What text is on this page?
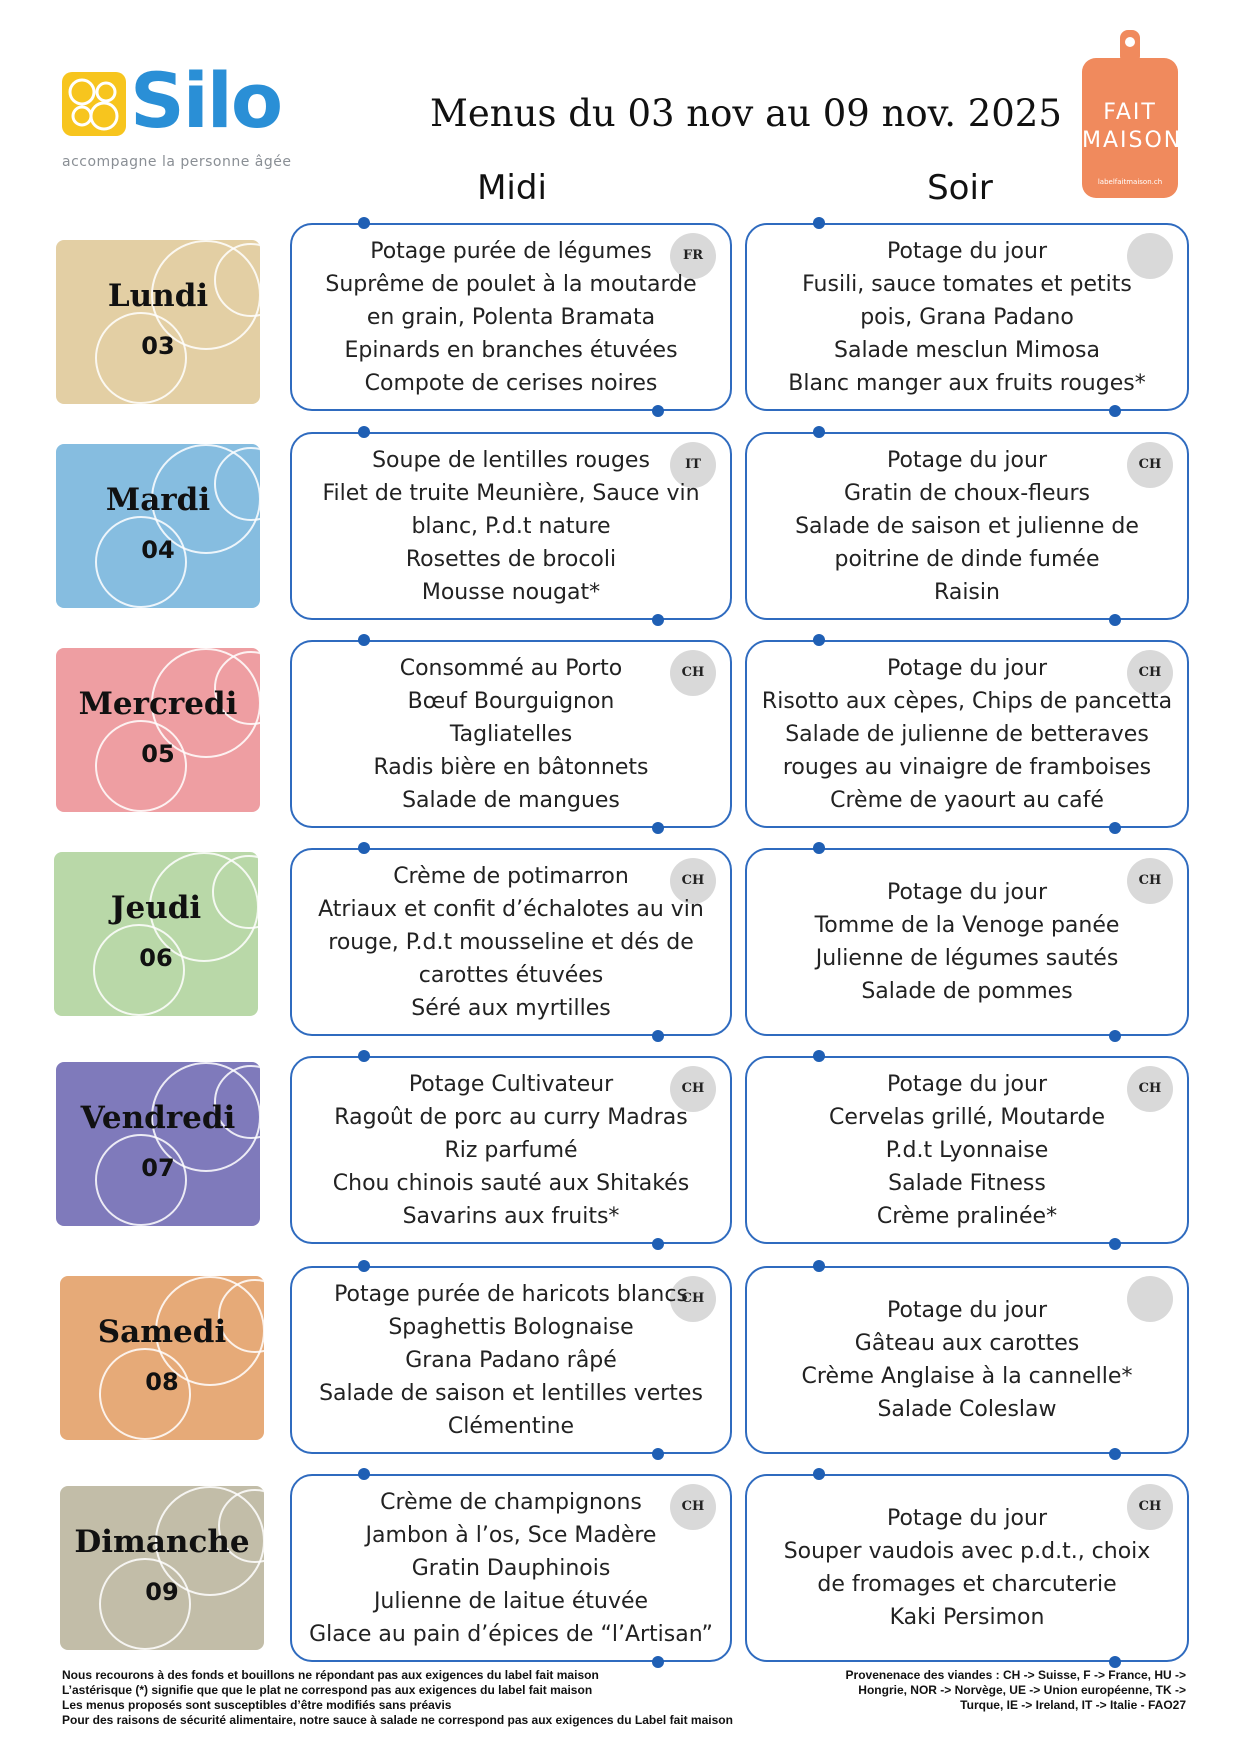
Silo
accompagne la personne âgée
Menus du 03 nov au 09 nov. 2025	FAIT
MAISON
labelfaitmaison.ch
Midi	Soir
Lundi
03
FR
Potage purée de légumes
Suprême de poulet à la moutarde
en grain, Polenta Bramata
Epinards en branches étuvées
Compote de cerises noires
Potage du jour
Fusili, sauce tomates et petits
pois, Grana Padano
Salade mesclun Mimosa
Blanc manger aux fruits rouges*
Mardi
04
IT
Soupe de lentilles rouges
Filet de truite Meunière, Sauce vin
blanc, P.d.t nature
Rosettes de brocoli
Mousse nougat*
CH
Potage du jour
Gratin de choux-fleurs
Salade de saison et julienne de
poitrine de dinde fumée
Raisin
Mercredi
05
CH
Consommé au Porto
Bœuf Bourguignon
Tagliatelles
Radis bière en bâtonnets
Salade de mangues
CH
Potage du jour
Risotto aux cèpes, Chips de pancetta
Salade de julienne de betteraves
rouges au vinaigre de framboises
Crème de yaourt au café
Jeudi
06
CH
Crème de potimarron
Atriaux et confit d’échalotes au vin
rouge, P.d.t mousseline et dés de
carottes étuvées
Séré aux myrtilles
CH
Potage du jour
Tomme de la Venoge panée
Julienne de légumes sautés
Salade de pommes
Vendredi
07
CH
Potage Cultivateur
Ragoût de porc au curry Madras
Riz parfumé
Chou chinois sauté aux Shitakés
Savarins aux fruits*
CH
Potage du jour
Cervelas grillé, Moutarde
P.d.t Lyonnaise
Salade Fitness
Crème pralinée*
Samedi
08
CH
Potage purée de haricots blancs
Spaghettis Bolognaise
Grana Padano râpé
Salade de saison et lentilles vertes
Clémentine
Potage du jour
Gâteau aux carottes
Crème Anglaise à la cannelle*
Salade Coleslaw
Dimanche
09
CH
Crème de champignons
Jambon à l’os, Sce Madère
Gratin Dauphinois
Julienne de laitue étuvée
Glace au pain d’épices de “l’Artisan”
CH
Potage du jour
Souper vaudois avec p.d.t., choix
de fromages et charcuterie
Kaki Persimon
Nous recourons à des fonds et bouillons ne répondant pas aux exigences du label fait maison
L’astérisque (*) signifie que que le plat ne correspond pas aux exigences du label fait maison
Les menus proposés sont susceptibles d’être modifiés sans préavis
Pour des raisons de sécurité alimentaire, notre sauce à salade ne correspond pas aux exigences du Label fait maison
Provenenace des viandes : CH -> Suisse, F -> France, HU ->
Hongrie, NOR -> Norvège, UE -> Union européenne, TK ->
Turque, IE -> Ireland, IT -> Italie - FAO27
